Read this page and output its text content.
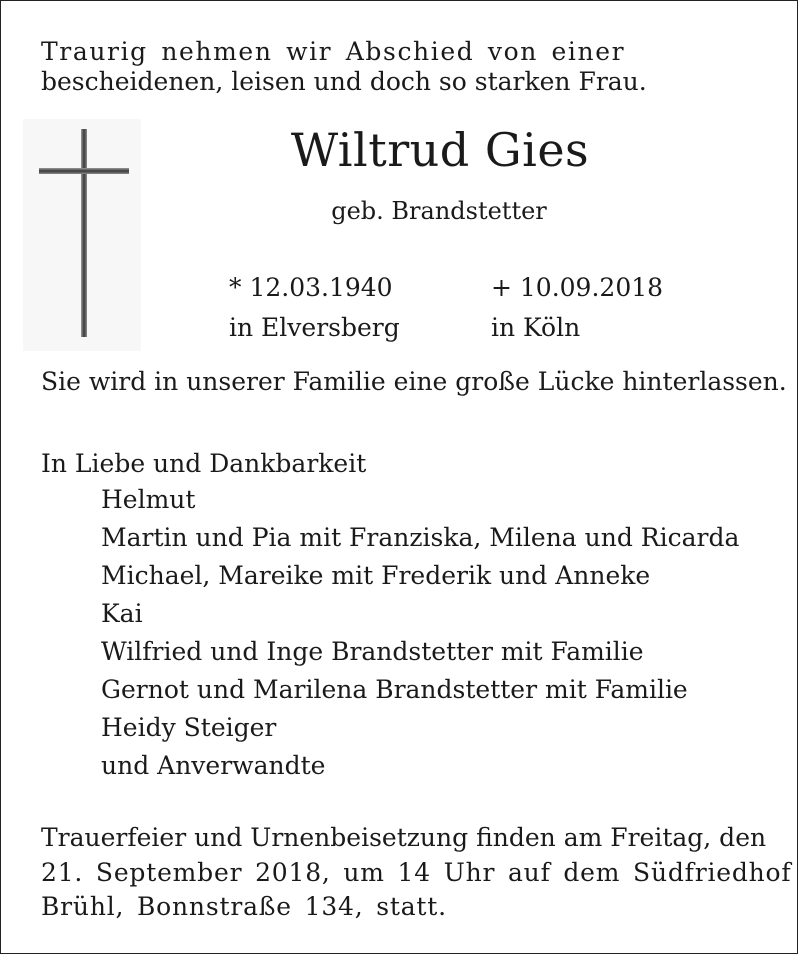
Traurig nehmen wir Abschied von einer
bescheidenen, leisen und doch so starken Frau.
Wiltrud Gies
geb. Brandstetter
* 12.03.1940	+ 10.09.2018
in Elversberg	in Köln
Sie wird in unserer Familie eine große Lücke hinterlassen.
In Liebe und Dankbarkeit
Helmut
Martin und Pia mit Franziska, Milena und Ricarda
Michael, Mareike mit Frederik und Anneke
Kai
Wilfried und Inge Brandstetter mit Familie
Gernot und Marilena Brandstetter mit Familie
Heidy Steiger
und Anverwandte
Trauerfeier und Urnenbeisetzung finden am Freitag, den
21. September 2018, um 14 Uhr auf dem Südfriedhof
Brühl, Bonnstraße 134, statt.
